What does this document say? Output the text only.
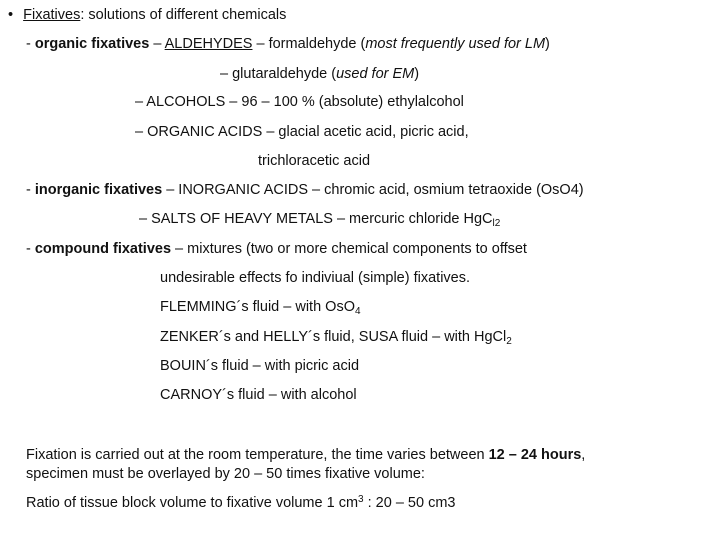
• Fixatives: solutions of different chemicals
- organic fixatives – ALDEHYDES – formaldehyde (most frequently used for LM)
– glutaraldehyde (used for EM)
– ALCOHOLS – 96 – 100 % (absolute) ethylalcohol
– ORGANIC ACIDS – glacial acetic acid, picric acid,
trichloracetic acid
- inorganic fixatives – INORGANIC ACIDS – chromic acid, osmium tetraoxide (OsO4)
– SALTS OF HEAVY METALS – mercuric chloride HgC$_{l2}$
- compound fixatives – mixtures (two or more chemical components to offset
undesirable effects fo indiviual (simple) fixatives.
FLEMMING´s fluid – with OsO$_4$
ZENKER´s and HELLY´s fluid, SUSA fluid – with HgCl$_2$
BOUIN´s fluid – with picric acid
CARNOY´s fluid – with alcohol
Fixation is carried out at the room temperature, the time varies between 12 – 24 hours,
specimen must be overlayed by 20 – 50 times fixative volume:
Ratio of tissue block volume to fixative volume 1 $cm^3$ : 20 – 50 cm3
